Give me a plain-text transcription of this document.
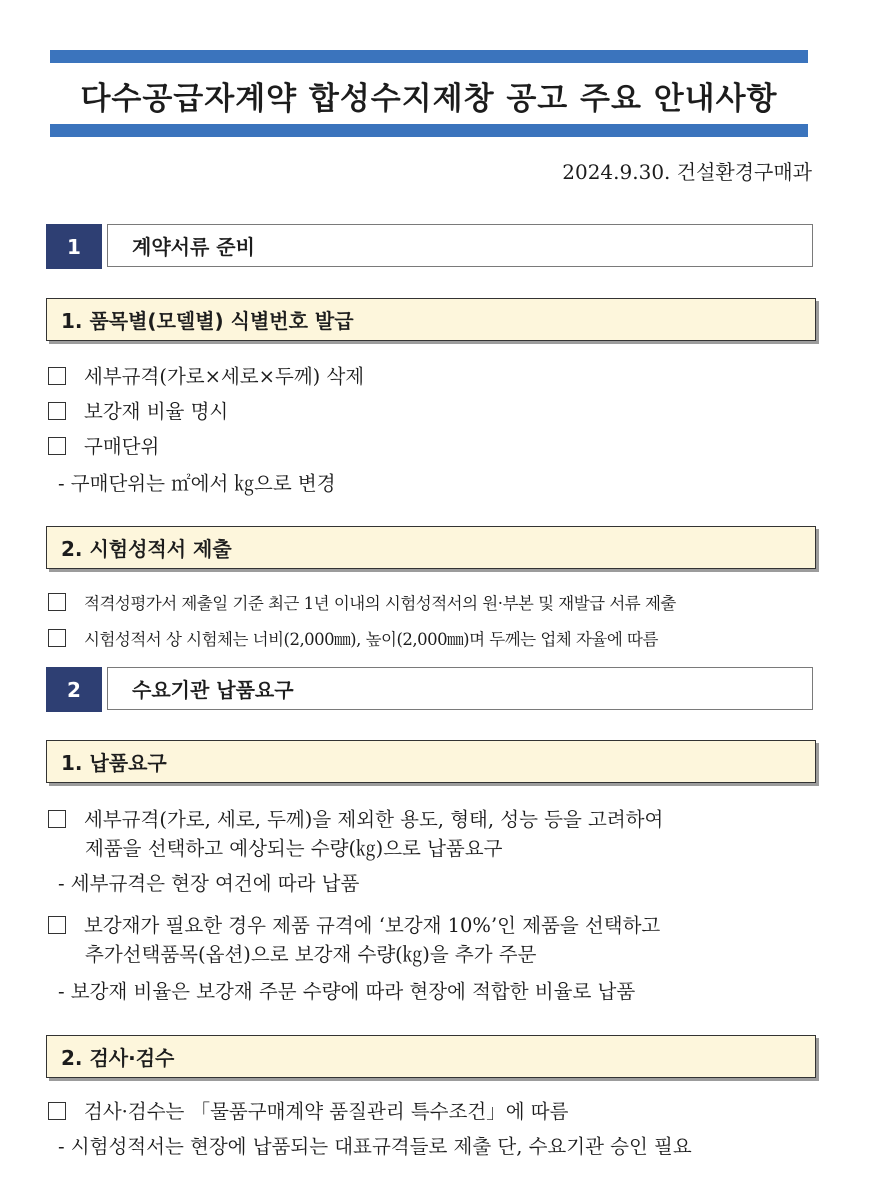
다수공급자계약 합성수지제창 공고 주요 안내사항
2024.9.30. 건설환경구매과
1	계약서류 준비
1. 품목별(모델별) 식별번호 발급
세부규격(가로×세로×두께) 삭제
보강재 비율 명시
구매단위
- 구매단위는 ㎡에서 ㎏으로 변경
2. 시험성적서 제출
적격성평가서 제출일 기준 최근 1년 이내의 시험성적서의 원·부본 및 재발급 서류 제출
시험성적서 상 시험체는 너비(2,000㎜), 높이(2,000㎜)며 두께는 업체 자율에 따름
2	수요기관 납품요구
1. 납품요구
세부규격(가로, 세로, 두께)을 제외한 용도, 형태, 성능 등을 고려하여
제품을 선택하고 예상되는 수량(㎏)으로 납품요구
- 세부규격은 현장 여건에 따라 납품
보강재가 필요한 경우 제품 규격에 ‘보강재 10%’인 제품을 선택하고
추가선택품목(옵션)으로 보강재 수량(㎏)을 추가 주문
- 보강재 비율은 보강재 주문 수량에 따라 현장에 적합한 비율로 납품
2. 검사·검수
검사·검수는 「물품구매계약 품질관리 특수조건」에 따름
- 시험성적서는 현장에 납품되는 대표규격들로 제출 단, 수요기관 승인 필요
